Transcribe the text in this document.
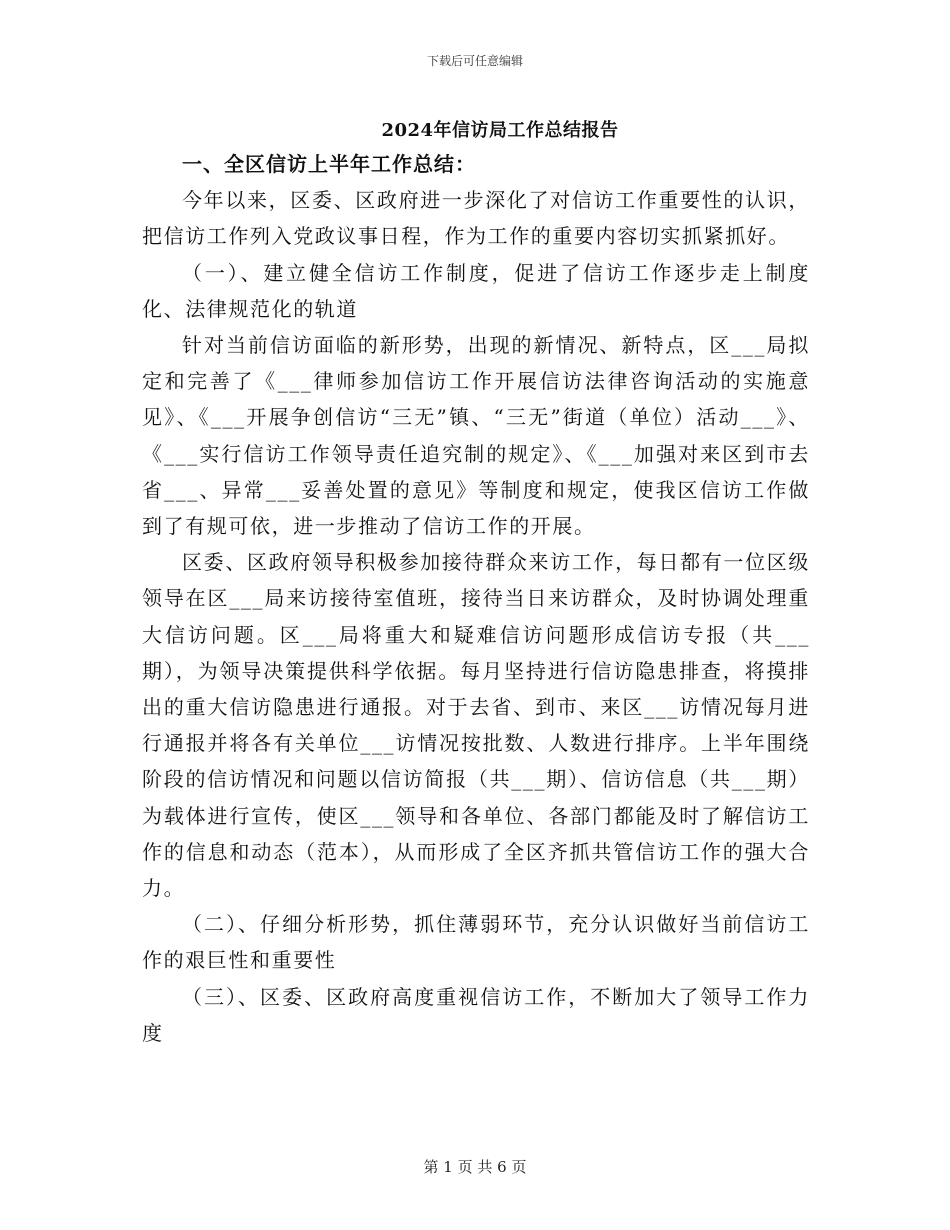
下载后可任意编辑
2024年信访局工作总结报告

一、全区信访上半年工作总结：

今年以来，区委、区政府进一步深化了对信访工作重要性的认识，把信访工作列入党政议事日程，作为工作的重要内容切实抓紧抓好。

（一）、建立健全信访工作制度，促进了信访工作逐步走上制度化、法律规范化的轨道

针对当前信访面临的新形势，出现的新情况、新特点，区___局拟定和完善了《___律师参加信访工作开展信访法律咨询活动的实施意见》、《___开展争创信访“三无”镇、“三无”街道（单位）活动___》、《___实行信访工作领导责任追究制的规定》、《___加强对来区到市去省___、异常___妥善处置的意见》等制度和规定，使我区信访工作做到了有规可依，进一步推动了信访工作的开展。

区委、区政府领导积极参加接待群众来访工作，每日都有一位区级领导在区___局来访接待室值班，接待当日来访群众，及时协调处理重大信访问题。区___局将重大和疑难信访问题形成信访专报（共___期），为领导决策提供科学依据。每月坚持进行信访隐患排查，将摸排出的重大信访隐患进行通报。对于去省、到市、来区___访情况每月进行通报并将各有关单位___访情况按批数、人数进行排序。上半年围绕阶段的信访情况和问题以信访简报（共___期）、信访信息（共___期）为载体进行宣传，使区___领导和各单位、各部门都能及时了解信访工作的信息和动态（范本），从而形成了全区齐抓共管信访工作的强大合力。

（二）、仔细分析形势，抓住薄弱环节，充分认识做好当前信访工作的艰巨性和重要性

（三）、区委、区政府高度重视信访工作，不断加大了领导工作力度

第 1 页 共 6 页
